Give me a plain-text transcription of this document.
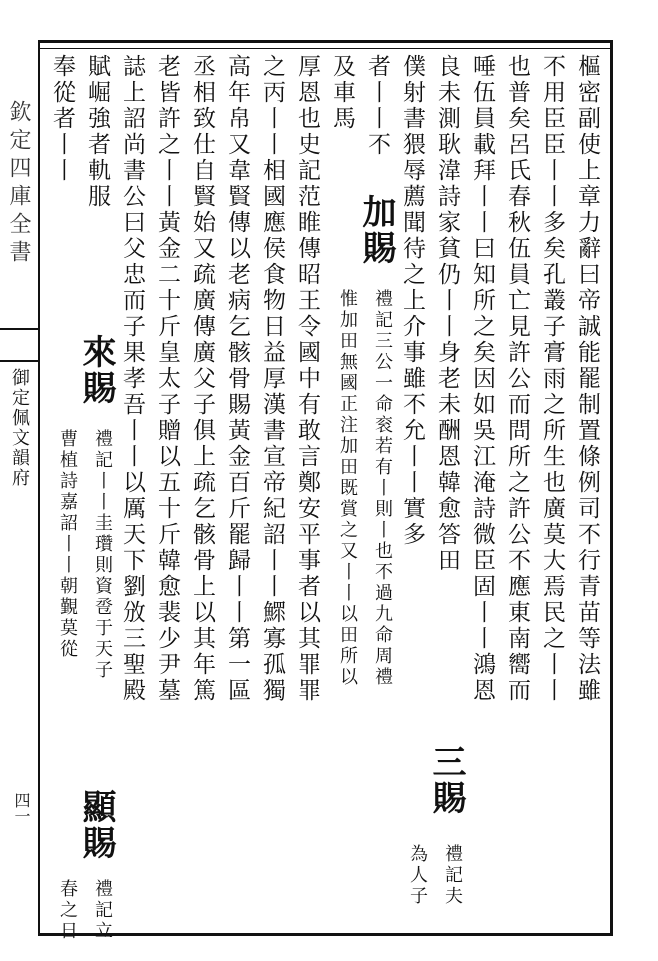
欽定四庫全書
御定佩文韻府
四一
樞密副使上章力辭曰帝誠能罷制置條例司不行青苗等法雖
不用臣臣丨丨多矣孔叢子膏雨之所生也廣莫大焉民之丨丨
也普矣呂氏春秋伍員亡見許公而問所之許公不應東南嚮而
唾伍員載拜丨丨曰知所之矣因如吳江淹詩微臣固丨丨鴻恩
良未測耿湋詩家貧仍丨丨身老未酬恩韓愈答田
三賜
禮記夫
僕射書猥辱薦聞待之上介事雖不允丨丨實多
為人子
者丨丨不
加賜
禮記三公一命衮若有丨則丨也不過九命周禮
及車馬
惟加田無國正注加田既賞之又丨丨以田所以
厚恩也史記范睢傳昭王令國中有敢言鄭安平事者以其罪罪
之丙丨丨相國應侯食物日益厚漢書宣帝紀詔丨丨鰥寡孤獨
高年帛又韋賢傳以老病乞骸骨賜黃金百斤罷歸丨丨第一區
丞相致仕自賢始又疏廣傳廣父子俱上疏乞骸骨上以其年篤
老皆許之丨丨黃金二十斤皇太子贈以五十斤韓愈裴少尹墓
誌上詔尚書公曰父忠而子果孝吾丨丨以厲天下劉攽三聖殿
賦崛強者軌服
來賜
禮記丨丨圭瓚則資卺于天子
顯賜
禮記立
奉從者丨丨
曹植詩嘉詔丨丨朝覲莫從
春之日
